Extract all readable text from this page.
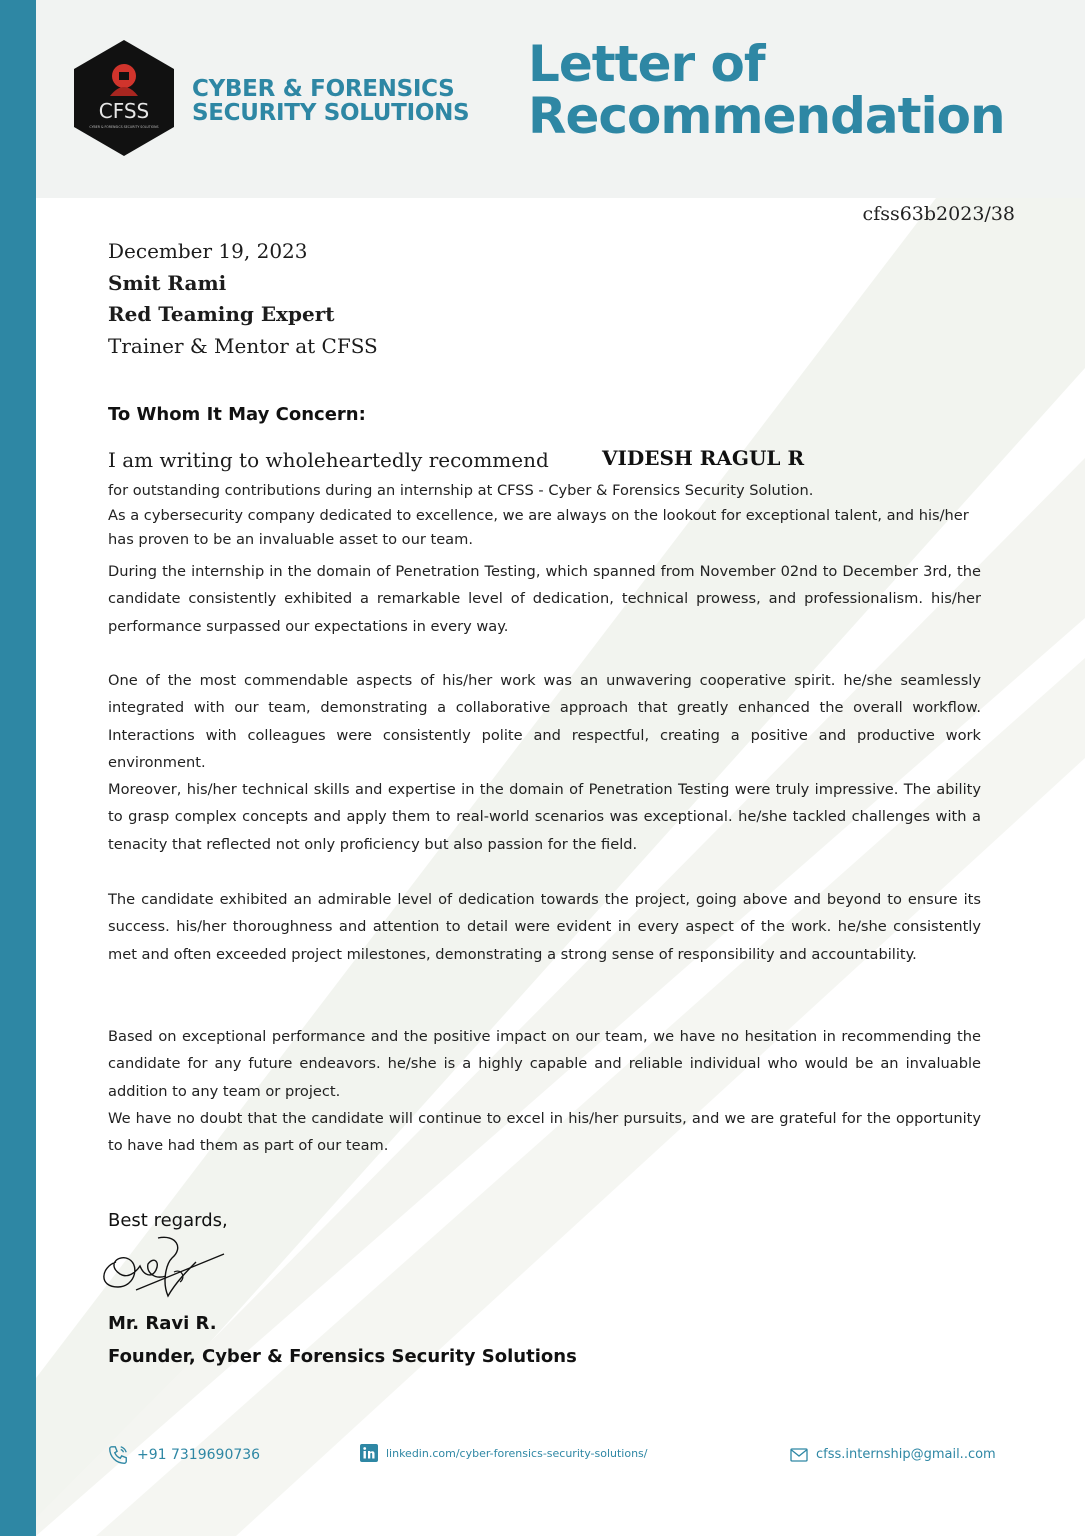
CFSS
CYBER & FORENSICS SECURITY SOLUTIONS
CYBER & FORENSICS
SECURITY SOLUTIONS
Letter of
Recommendation
cfss63b2023/38
December 19, 2023
Smit Rami
Red Teaming Expert
Trainer & Mentor at CFSS
To Whom It May Concern:
I am writing to wholeheartedly recommend	VIDESH RAGUL R
for outstanding contributions during an internship at CFSS - Cyber & Forensics Security Solution.
As a cybersecurity company dedicated to excellence, we are always on the lookout for exceptional talent, and his/her has proven to be an invaluable asset to our team.
During the internship in the domain of Penetration Testing, which spanned from November 02nd to December 3rd, the candidate consistently exhibited a remarkable level of dedication, technical prowess, and professionalism. his/her performance surpassed our expectations in every way.
One of the most commendable aspects of his/her work was an unwavering cooperative spirit. he/she seamlessly integrated with our team, demonstrating a collaborative approach that greatly enhanced the overall workflow. Interactions with colleagues were consistently polite and respectful, creating a positive and productive work environment.
Moreover, his/her technical skills and expertise in the domain of Penetration Testing were truly impressive. The ability to grasp complex concepts and apply them to real-world scenarios was exceptional. he/she tackled challenges with a tenacity that reflected not only proficiency but also passion for the field.
The candidate exhibited an admirable level of dedication towards the project, going above and beyond to ensure its success. his/her thoroughness and attention to detail were evident in every aspect of the work. he/she consistently met and often exceeded project milestones, demonstrating a strong sense of responsibility and accountability.
Based on exceptional performance and the positive impact on our team, we have no hesitation in recommending the candidate for any future endeavors. he/she is a highly capable and reliable individual who would be an invaluable addition to any team or project.
We have no doubt that the candidate will continue to excel in his/her pursuits, and we are grateful for the opportunity to have had them as part of our team.
Best regards,
Mr. Ravi R.
Founder, Cyber & Forensics Security Solutions
+91 7319690736	linkedin.com/cyber-forensics-security-solutions/	cfss.internship@gmail..com
